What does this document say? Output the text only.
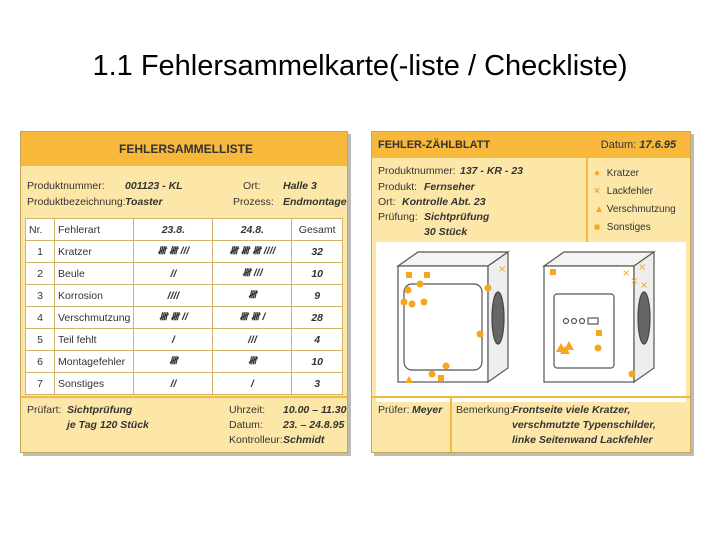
1.1 Fehlersammelkarte(-liste / Checkliste)
FEHLERSAMMELLISTE
Produktnummer: 001123 - KL	Ort: Halle 3
Produktbezeichnung: Toaster	Prozess: Endmontage
Nr.	Fehlerart	23.8.	24.8.	Gesamt
1	Kratzer	𝍸 𝍸 ///	𝍸 𝍸 𝍸 ////	32
2	Beule	//	𝍸 ///	10
3	Korrosion	////	𝍸	9
4	Verschmutzung	𝍸 𝍸 //	𝍸 𝍸 /	28
5	Teil fehlt	/	///	4
6	Montagefehler	𝍸	𝍸	10
7	Sonstiges	//	/	3
Prüfart: Sichtprüfung
je Tag 120 Stück
Uhrzeit: 10.00 – 11.30
Datum: 23. – 24.8.95
Kontrolleur: Schmidt
FEHLER-ZÄHLBLATT	Datum: 17.6.95
Produktnummer: 137 - KR - 23
Produkt: Fernseher
Ort: Kontrolle Abt. 23
Prüfung: Sichtprüfung
30 Stück
● Kratzer
× Lackfehler
▲ Verschmutzung
■ Sonstiges
×	×
×
× ×
Prüfer: Meyer Bemerkung: Frontseite viele Kratzer,
verschmutzte Typenschilder,
linke Seitenwand Lackfehler
